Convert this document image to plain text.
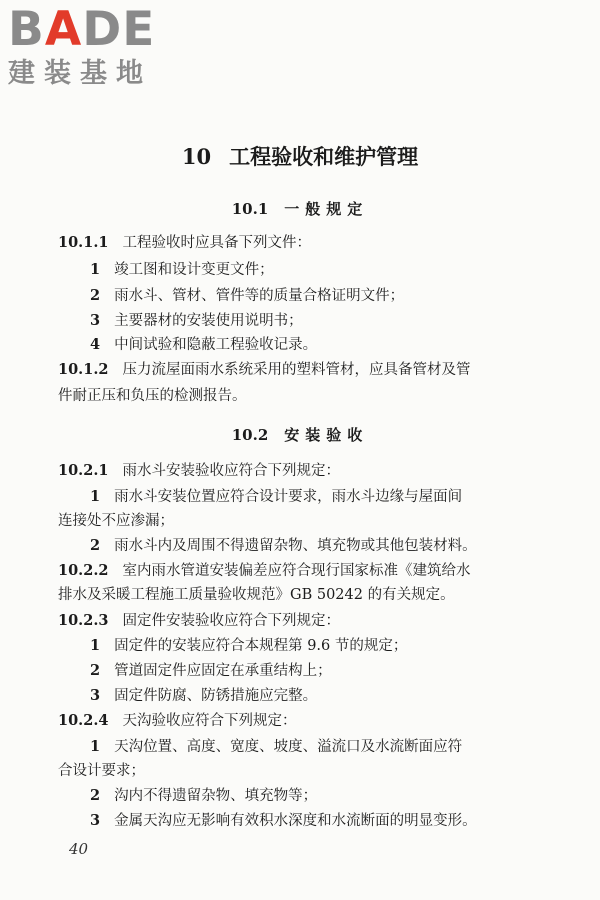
BADE
建装基地
10 工程验收和维护管理
10.1 一般规定
10.1.1 工程验收时应具备下列文件：
1 竣工图和设计变更文件；
2 雨水斗、管材、管件等的质量合格证明文件；
3 主要器材的安装使用说明书；
4 中间试验和隐蔽工程验收记录。
10.1.2 压力流屋面雨水系统采用的塑料管材，应具备管材及管
件耐正压和负压的检测报告。
10.2 安装验收
10.2.1 雨水斗安装验收应符合下列规定：
1 雨水斗安装位置应符合设计要求，雨水斗边缘与屋面间
连接处不应渗漏；
2 雨水斗内及周围不得遗留杂物、填充物或其他包装材料。
10.2.2 室内雨水管道安装偏差应符合现行国家标准《建筑给水
排水及采暖工程施工质量验收规范》GB 50242 的有关规定。
10.2.3 固定件安装验收应符合下列规定：
1 固定件的安装应符合本规程第 9.6 节的规定；
2 管道固定件应固定在承重结构上；
3 固定件防腐、防锈措施应完整。
10.2.4 天沟验收应符合下列规定：
1 天沟位置、高度、宽度、坡度、溢流口及水流断面应符
合设计要求；
2 沟内不得遗留杂物、填充物等；
3 金属天沟应无影响有效积水深度和水流断面的明显变形。
40
